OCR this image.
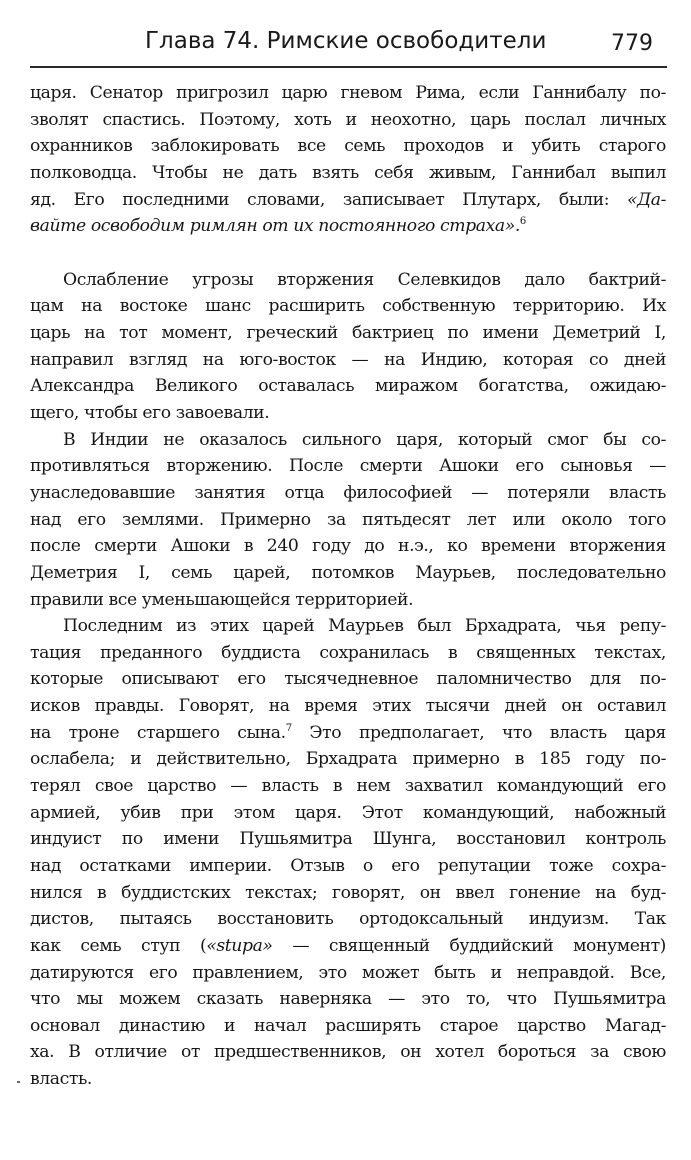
Глава 74. Римские освободители	779
царя. Сенатор пригрозил царю гневом Рима, если Ганнибалу по-
зволят спастись. Поэтому, хоть и неохотно, царь послал личных
охранников заблокировать все семь проходов и убить старого
полководца. Чтобы не дать взять себя живым, Ганнибал выпил
яд. Его последними словами, записывает Плутарх, были: «Да-
вайте освободим римлян от их постоянного страха».$^6$
Ослабление угрозы вторжения Селевкидов дало бактрий-
цам на востоке шанс расширить собственную территорию. Их
царь на тот момент, греческий бактриец по имени Деметрий I,
направил взгляд на юго-восток — на Индию, которая со дней
Александра Великого оставалась миражом богатства, ожидаю-
щего, чтобы его завоевали.
В Индии не оказалось сильного царя, который смог бы со-
противляться вторжению. После смерти Ашоки его сыновья —
унаследовавшие занятия отца философией — потеряли власть
над его землями. Примерно за пятьдесят лет или около того
после смерти Ашоки в 240 году до н.э., ко времени вторжения
Деметрия I, семь царей, потомков Маурьев, последовательно
правили все уменьшающейся территорией.
Последним из этих царей Маурьев был Брхадрата, чья репу-
тация преданного буддиста сохранилась в священных текстах,
которые описывают его тысячедневное паломничество для по-
исков правды. Говорят, на время этих тысячи дней он оставил
на троне старшего сына.$^7$ Это предполагает, что власть царя
ослабела; и действительно, Брхадрата примерно в 185 году по-
терял свое царство — власть в нем захватил командующий его
армией, убив при этом царя. Этот командующий, набожный
индуист по имени Пушьямитра Шунга, восстановил контроль
над остатками империи. Отзыв о его репутации тоже сохра-
нился в буддистских текстах; говорят, он ввел гонение на буд-
дистов, пытаясь восстановить ортодоксальный индуизм. Так
как семь ступ («stupa» — священный буддийский монумент)
датируются его правлением, это может быть и неправдой. Все,
что мы можем сказать наверняка — это то, что Пушьямитра
основал династию и начал расширять старое царство Магад-
ха. В отличие от предшественников, он хотел бороться за свою
власть.
